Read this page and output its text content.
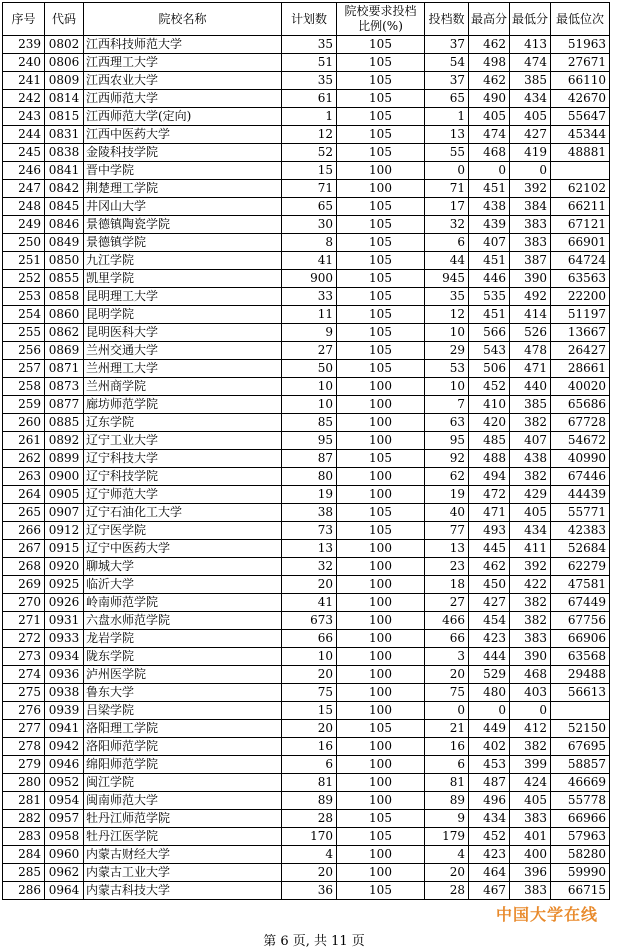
序号	代码	院校名称	计划数	院校要求投档比例(%)	投档数	最高分	最低分	最低位次
239	0802	江西科技师范大学	35	105	37	462	413	51963
240	0806	江西理工大学	51	105	54	498	474	27671
241	0809	江西农业大学	35	105	37	462	385	66110
242	0814	江西师范大学	61	105	65	490	434	42670
243	0815	江西师范大学(定向)	1	105	1	405	405	55647
244	0831	江西中医药大学	12	105	13	474	427	45344
245	0838	金陵科技学院	52	105	55	468	419	48881
246	0841	晋中学院	15	100	0	0	0	
247	0842	荆楚理工学院	71	100	71	451	392	62102
248	0845	井冈山大学	65	105	17	438	384	66211
249	0846	景德镇陶瓷学院	30	105	32	439	383	67121
250	0849	景德镇学院	8	105	6	407	383	66901
251	0850	九江学院	41	105	44	451	387	64724
252	0855	凯里学院	900	105	945	446	390	63563
253	0858	昆明理工大学	33	105	35	535	492	22200
254	0860	昆明学院	11	105	12	451	414	51197
255	0862	昆明医科大学	9	105	10	566	526	13667
256	0869	兰州交通大学	27	105	29	543	478	26427
257	0871	兰州理工大学	50	105	53	506	471	28661
258	0873	兰州商学院	10	100	10	452	440	40020
259	0877	廊坊师范学院	10	100	7	410	385	65686
260	0885	辽东学院	85	100	63	420	382	67728
261	0892	辽宁工业大学	95	100	95	485	407	54672
262	0899	辽宁科技大学	87	105	92	488	438	40990
263	0900	辽宁科技学院	80	100	62	494	382	67446
264	0905	辽宁师范大学	19	100	19	472	429	44439
265	0907	辽宁石油化工大学	38	105	40	471	405	55771
266	0912	辽宁医学院	73	105	77	493	434	42383
267	0915	辽宁中医药大学	13	100	13	445	411	52684
268	0920	聊城大学	32	100	23	462	392	62279
269	0925	临沂大学	20	100	18	450	422	47581
270	0926	岭南师范学院	41	100	27	427	382	67449
271	0931	六盘水师范学院	673	100	466	454	382	67756
272	0933	龙岩学院	66	100	66	423	383	66906
273	0934	陇东学院	10	100	3	444	390	63568
274	0936	泸州医学院	20	100	20	529	468	29488
275	0938	鲁东大学	75	100	75	480	403	56613
276	0939	吕梁学院	15	100	0	0	0	
277	0941	洛阳理工学院	20	105	21	449	412	52150
278	0942	洛阳师范学院	16	100	16	402	382	67695
279	0946	绵阳师范学院	6	100	6	453	399	58857
280	0952	闽江学院	81	100	81	487	424	46669
281	0954	闽南师范大学	89	100	89	496	405	55778
282	0957	牡丹江师范学院	28	105	9	434	383	66966
283	0958	牡丹江医学院	170	105	179	452	401	57963
284	0960	内蒙古财经大学	4	100	4	423	400	58280
285	0962	内蒙古工业大学	20	100	20	464	396	59990
286	0964	内蒙古科技大学	36	105	28	467	383	66715
第 6 页, 共 11 页
中国大学在线
